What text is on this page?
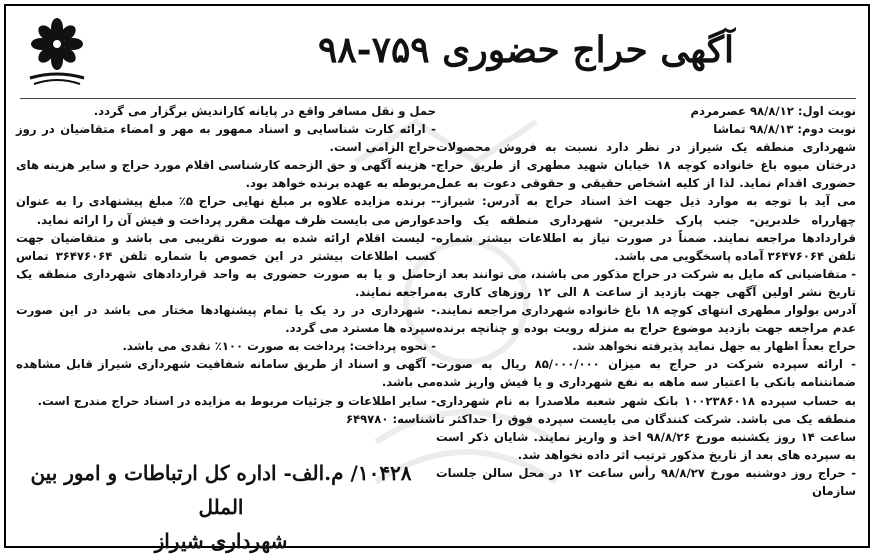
آگهی حراج حضوری ۷۵۹-۹۸

نوبت اول: ۹۸/۸/۱۲ عصرمردم

نوبت دوم: ۹۸/۸/۱۳ تماشا

شهرداری منطقه یک شیراز در نظر دارد نسبت به فروش محصولات درختان میوه باغ خانواده کوچه ۱۸ خیابان شهید مطهری از طریق حراج حضوری اقدام نماید. لذا از کلیه اشخاص حقیقی و حقوقی دعوت به عمل می آید با توجه به موارد ذیل جهت اخذ اسناد حراج به آدرس: شیراز- چهارراه خلدبرین- جنب پارک خلدبرین- شهرداری منطقه یک واحد قراردادها مراجعه نمایند. ضمناً در صورت نیاز به اطلاعات بیشتر شماره تلفن ۳۶۴۷۶۰۶۴ آماده پاسخگویی می باشد.

- متقاضیانی که مایل به شرکت در حراج مذکور می باشند، می توانند بعد از تاریخ نشر اولین آگهی جهت بازدید از ساعت ۸ الی ۱۲ روزهای کاری به آدرس بولوار مطهری انتهای کوچه ۱۸ باغ خانواده شهرداری مراجعه نمایند. عدم مراجعه جهت بازدید موضوع حراج به منزله رویت بوده و چنانچه برنده حراج بعداً اظهار به جهل نماید پذیرفته نخواهد شد.

- ارائه سپرده شرکت در حراج به میزان ۸۵/۰۰۰/۰۰۰ ریال به صورت ضمانتنامه بانکی با اعتبار سه ماهه به نفع شهرداری و یا فیش واریز شده به حساب سپرده ۱۰۰۲۳۸۶۰۱۸ بانک شهر شعبه ملاصدرا به نام شهرداری منطقه یک می باشد. شرکت کنندگان می بایست سپرده فوق را حداکثر تا ساعت ۱۴ روز یکشنبه مورخ ۹۸/۸/۲۶ اخذ و واریز نمایند. شایان ذکر است به سپرده های بعد از تاریخ مذکور ترتیب اثر داده نخواهد شد.

- حراج روز دوشنبه مورخ ۹۸/۸/۲۷ رأس ساعت ۱۲ در محل سالن جلسات سازمان

حمل و نقل مسافر واقع در پایانه کاراندیش برگزار می گردد.

- ارائه کارت شناسایی و اسناد ممهور به مهر و امضاء متقاضیان در روز حراج الزامی است.

- هزینه آگهی و حق الزحمه کارشناسی اقلام مورد حراج و سایر هزینه های مربوطه به عهده برنده خواهد بود.

- برنده مزایده علاوه بر مبلغ نهایی حراج ۵٪ مبلغ پیشنهادی را به عنوان عوارض می بایست ظرف مهلت مقرر پرداخت و فیش آن را ارائه نماید.

- لیست اقلام ارائه شده به صورت تقریبی می باشد و متقاضیان جهت کسب اطلاعات بیشتر در این خصوص با شماره تلفن ۳۶۴۷۶۰۶۴ تماس حاصل و یا به صورت حضوری به واحد قراردادهای شهرداری منطقه یک مراجعه نمایند.

- شهرداری در رد یک یا تمام پیشنهادها مختار می باشد در این صورت سپرده ها مسترد می گردد.

- نحوه پرداخت: پرداخت به صورت ۱۰۰٪ نقدی می باشد.

- آگهی و اسناد از طریق سامانه شفافیت شهرداری شیراز قابل مشاهده می باشد.

- سایر اطلاعات و جزئیات مربوط به مزایده در اسناد حراج مندرج است.

شناسه: ۶۴۹۷۸۰

۱۰۴۲۸/ م.الف- اداره کل ارتباطات و امور بین الملل
شهرداری شیراز
